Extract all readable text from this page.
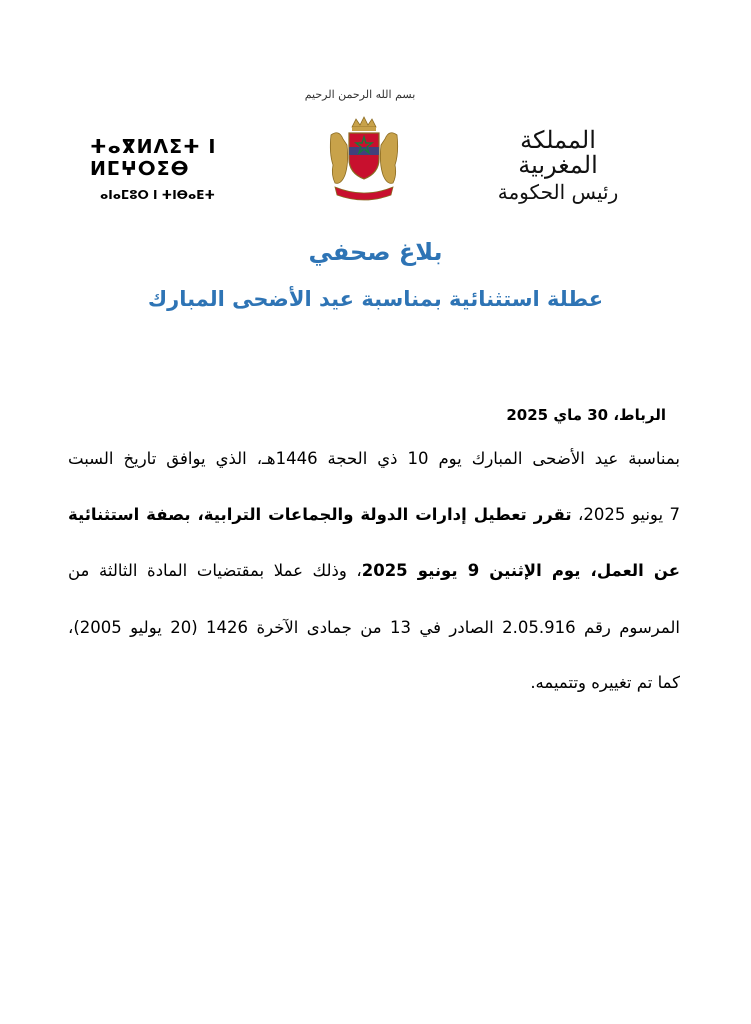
بسم الله الرحمن الرحيم
ⵜⴰⴳⵍⴷⵉⵜ ⵏ ⵍⵎⵖⵔⵉⴱ
ⴰⵏⴰⵎⵓⵔ ⵏ ⵜⵏⴱⴰⴹⵜ
المملكة المغربية
رئيس الحكومة
بلاغ صحفي
عطلة استثنائية بمناسبة عيد الأضحى المبارك
الرباط، 30 ماي 2025
بمناسبة عيد الأضحى المبارك يوم 10 ذي الحجة 1446هـ، الذي يوافق تاريخ السبت
7 يونيو 2025، تقرر تعطيل إدارات الدولة والجماعات الترابية، بصفة استثنائية
عن العمل، يوم الإثنين 9 يونيو 2025، وذلك عملا بمقتضيات المادة الثالثة من
المرسوم رقم 2.05.916 الصادر في 13 من جمادى الآخرة 1426 (20 يوليو 2005)،
كما تم تغييره وتتميمه.
